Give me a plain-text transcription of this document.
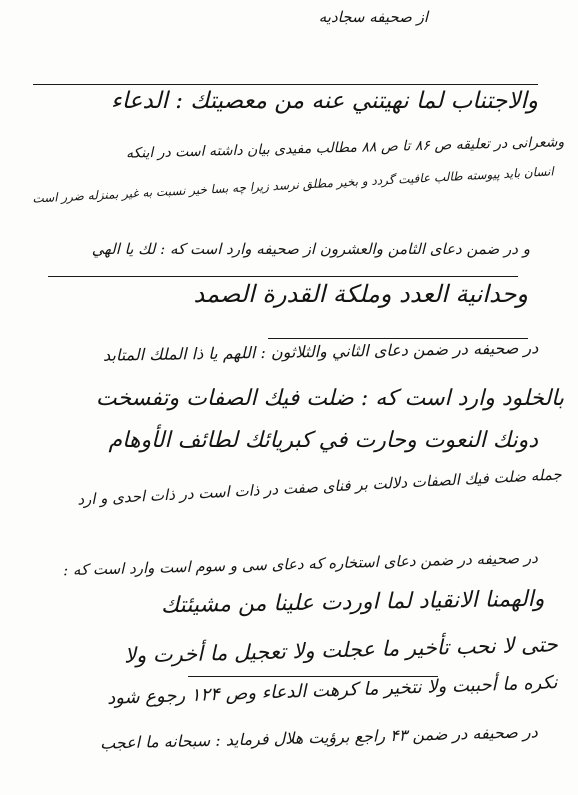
از صحیفه سجادیه
والاجتناب لما نهيتني عنه من معصيتك : الدعاء
وشعرانی در تعلیقه ص ۸۶ تا ص ۸۸ مطالب مفیدی بیان داشته است در اینکه
انسان باید پیوسته طالب عافیت گردد و بخیر مطلق نرسد زیرا چه بسا خیر نسبت به غیر بمنزله ضرر است
و در ضمن دعای الثامن والعشرون از صحیفه وارد است که : لك يا الهي
وحدانية العدد وملكة القدرة الصمد
در صحیفه در ضمن دعای الثاني والثلاثون : اللهم يا ذا الملك المتابد
بالخلود وارد است که : ضلت فيك الصفات وتفسخت
دونك النعوت وحارت في كبريائك لطائف الأوهام
جمله ضلت فيك الصفات دلالت بر فنای صفت در ذات است در ذات احدی و ارد
در صحیفه در ضمن دعای استخاره که دعای سی و سوم است وارد است که :
والهمنا الانقياد لما اوردت علينا من مشيئتك
حتى لا نحب تأخير ما عجلت ولا تعجيل ما أخرت ولا
نكره ما أحببت ولا نتخير ما كرهت الدعاء وص ۱۲۴ رجوع شود
در صحیفه در ضمن ۴۳ راجع برؤیت هلال فرماید : سبحانه ما اعجب
